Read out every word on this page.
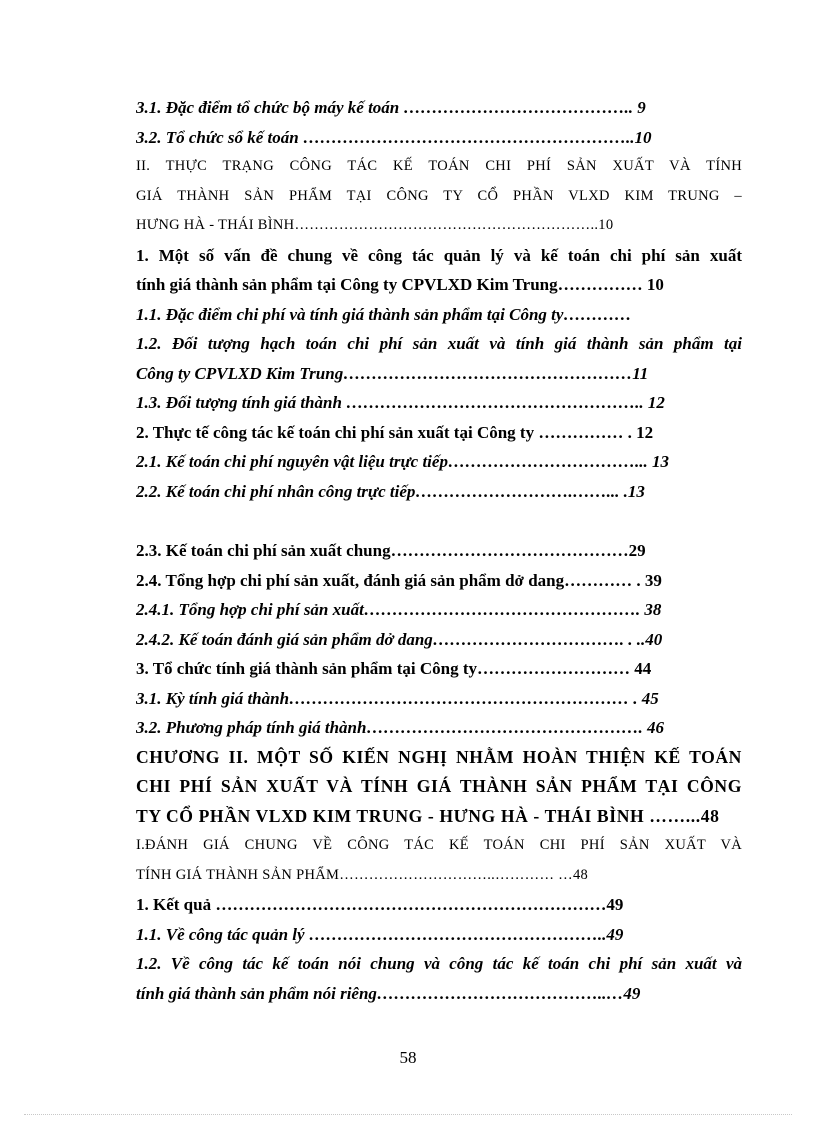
3.1. Đặc điểm tổ chức bộ máy kế toán ………………………………….. 9
3.2. Tổ chức sổ kế toán …………………………………………………..10
II. THỰC TRẠNG CÔNG TÁC KẾ TOÁN CHI PHÍ SẢN XUẤT VÀ TÍNH
GIÁ THÀNH SẢN PHẨM TẠI CÔNG TY CỔ PHẦN VLXD KIM TRUNG –
HƯNG HÀ - THÁI BÌNH……………………………………………………..10
1. Một số vấn đề chung về công tác quản lý và kế toán chi phí sản xuất
tính giá thành sản phẩm tại Công ty CPVLXD Kim Trung…………… 10
1.1. Đặc điểm chi phí và tính giá thành sản phẩm tại Công ty…………
1.2. Đối tượng hạch toán chi phí sản xuất và tính giá thành sản phẩm tại
Công ty CPVLXD Kim Trung……………………………………………11
1.3. Đối tượng tính giá thành …………………………………………….. 12
2. Thực tế công tác kế toán chi phí sản xuất tại Công ty …………… . 12
2.1. Kế toán chi phí nguyên vật liệu trực tiếp……………………………... 13
2.2. Kế toán chi phí nhân công trực tiếp……………………….……... .13
2.3. Kế toán chi phí sản xuất chung……………………………………29
2.4. Tổng hợp chi phí sản xuất, đánh giá sản phẩm dở dang………… . 39
2.4.1. Tổng hợp chi phí sản xuất…………………………………………. 38
2.4.2. Kế toán đánh giá sản phẩm dở dang……………………………. . ..40
3. Tổ chức tính giá thành sản phẩm tại Công ty……………………… 44
3.1. Kỳ tính giá thành…………………………………………………… . 45
3.2. Phương pháp tính giá thành…………………………………………. 46
CHƯƠNG II. MỘT SỐ KIẾN NGHỊ NHẰM HOÀN THIỆN KẾ TOÁN
CHI PHÍ SẢN XUẤT VÀ TÍNH GIÁ THÀNH SẢN PHẨM TẠI CÔNG
TY CỔ PHẦN VLXD KIM TRUNG - HƯNG HÀ - THÁI BÌNH ……...48
I.ĐÁNH GIÁ CHUNG VỀ CÔNG TÁC KẾ TOÁN CHI PHÍ SẢN XUẤT VÀ
TÍNH GIÁ THÀNH SẢN PHẨM…………………………..………… …48
1. Kết quả ……………………………………………………………49
1.1. Về công tác quản lý ……………………………………………..49
1.2. Về công tác kế toán nói chung và công tác kế toán chi phí sản xuất và
tính giá thành sản phẩm nói riêng…………………………………..…49
58
